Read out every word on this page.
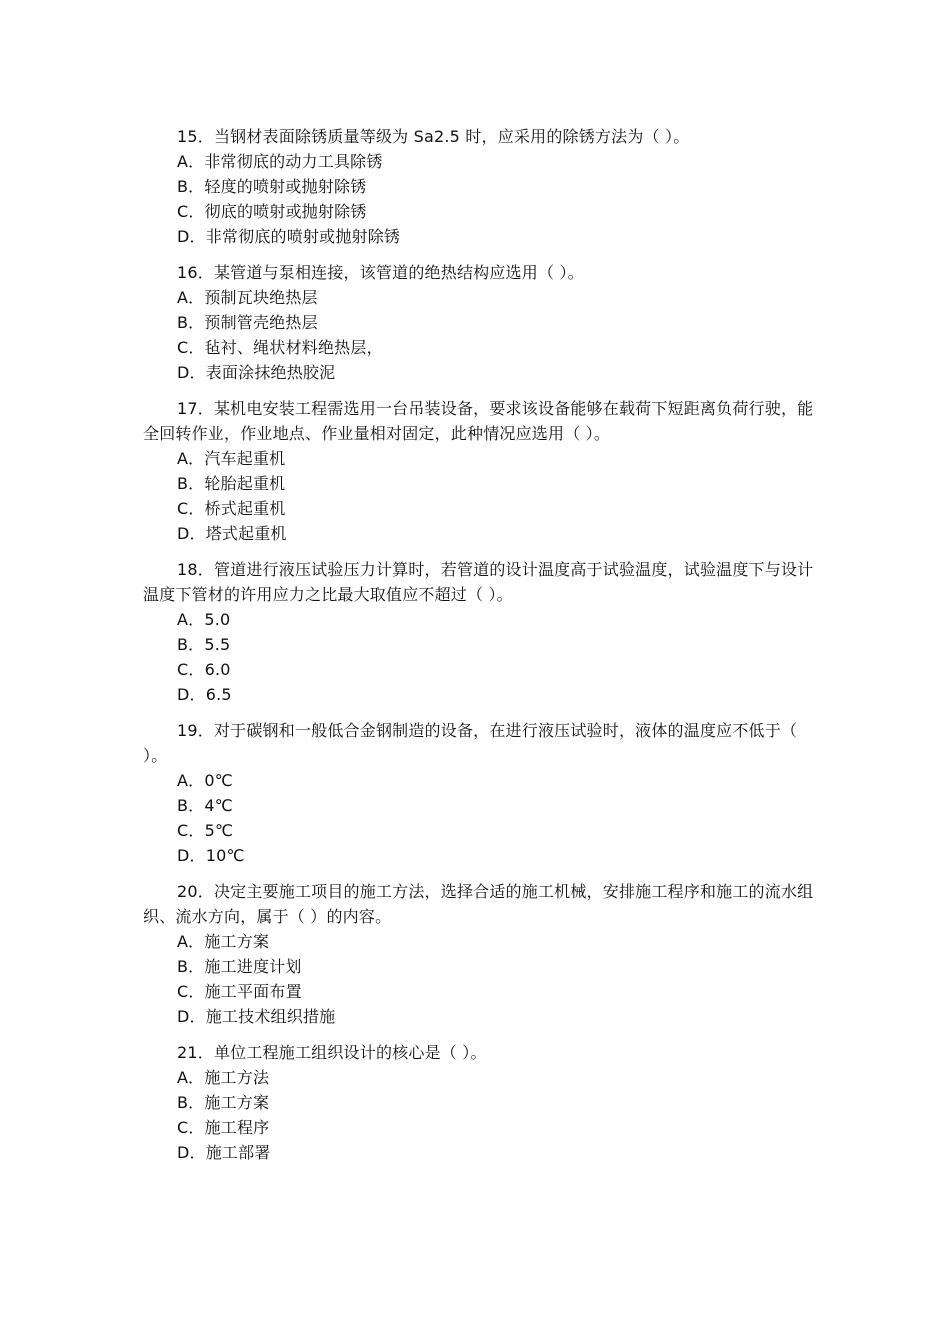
15．当钢材表面除锈质量等级为 Sa2.5 时，应采用的除锈方法为（ ）。

A．非常彻底的动力工具除锈

B．轻度的喷射或抛射除锈

C．彻底的喷射或抛射除锈

D．非常彻底的喷射或抛射除锈

16．某管道与泵相连接，该管道的绝热结构应选用（ ）。

A．预制瓦块绝热层

B．预制管壳绝热层

C．毡衬、绳状材料绝热层，

D．表面涂抹绝热胶泥

17．某机电安装工程需选用一台吊装设备，要求该设备能够在载荷下短距离负荷行驶，能全回转作业，作业地点、作业量相对固定，此种情况应选用（ ）。

A．汽车起重机

B．轮胎起重机

C．桥式起重机

D．塔式起重机

18．管道进行液压试验压力计算时，若管道的设计温度高于试验温度，试验温度下与设计温度下管材的许用应力之比最大取值应不超过（ ）。

A．5.0

B．5.5

C．6.0

D．6.5

19．对于碳钢和一般低合金钢制造的设备，在进行液压试验时，液体的温度应不低于（ ）。

A．0℃

B．4℃

C．5℃

D．10℃

20．决定主要施工项目的施工方法，选择合适的施工机械，安排施工程序和施工的流水组织、流水方向，属于（ ）的内容。

A．施工方案

B．施工进度计划

C．施工平面布置

D．施工技术组织措施

21．单位工程施工组织设计的核心是（ ）。

A．施工方法

B．施工方案

C．施工程序

D．施工部署
